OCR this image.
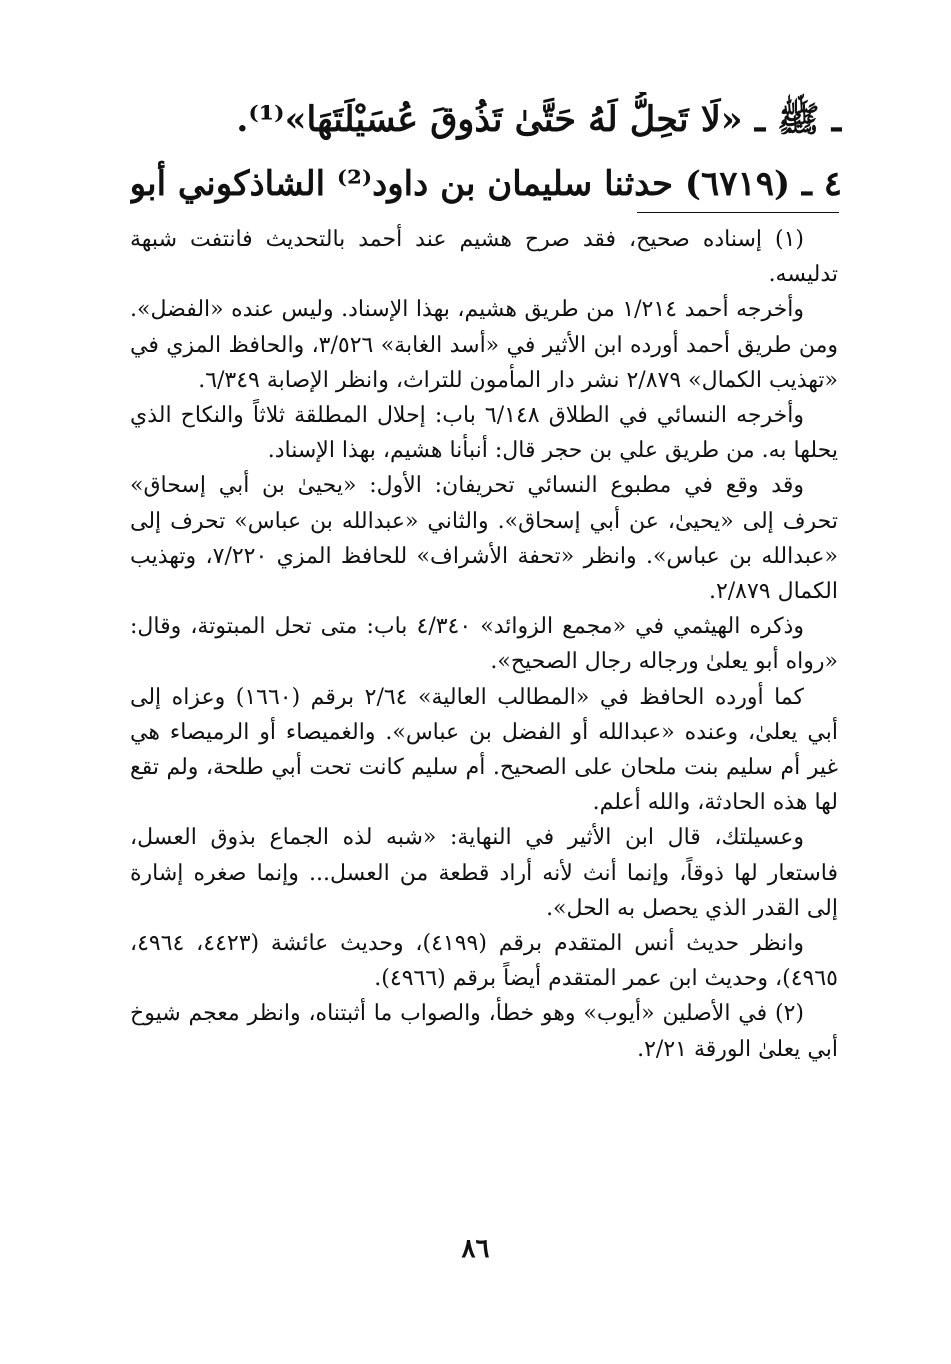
ـ ﷺ ـ «لَا تَحِلُّ لَهُ حَتَّىٰ تَذُوقَ عُسَيْلَتَهَا»⁽¹⁾.
٤ ـ (٦٧١٩) حدثنا سليمان بن داود⁽²⁾ الشاذكوني أبو

(١) إسناده صحيح، فقد صرح هشيم عند أحمد بالتحديث فانتفت شبهة تدليسه.

وأخرجه أحمد ١/٢١٤ من طريق هشيم، بهذا الإسناد. وليس عنده «الفضل». ومن طريق أحمد أورده ابن الأثير في «أسد الغابة» ٣/٥٢٦، والحافظ المزي في «تهذيب الكمال» ٢/٨٧٩ نشر دار المأمون للتراث، وانظر الإصابة ٦/٣٤٩.

وأخرجه النسائي في الطلاق ٦/١٤٨ باب: إحلال المطلقة ثلاثاً والنكاح الذي يحلها به. من طريق علي بن حجر قال: أنبأنا هشيم، بهذا الإسناد.

وقد وقع في مطبوع النسائي تحريفان: الأول: «يحيىٰ بن أبي إسحاق» تحرف إلى «يحيىٰ، عن أبي إسحاق». والثاني «عبدالله بن عباس» تحرف إلى «عبدالله بن عباس». وانظر «تحفة الأشراف» للحافظ المزي ٧/٢٢٠، وتهذيب الكمال ٢/٨٧٩.

وذكره الهيثمي في «مجمع الزوائد» ٤/٣٤٠ باب: متى تحل المبتوتة، وقال: «رواه أبو يعلىٰ ورجاله رجال الصحيح».

كما أورده الحافظ في «المطالب العالية» ٢/٦٤ برقم (١٦٦٠) وعزاه إلى أبي يعلىٰ، وعنده «عبدالله أو الفضل بن عباس». والغميصاء أو الرميصاء هي غير أم سليم بنت ملحان على الصحيح. أم سليم كانت تحت أبي طلحة، ولم تقع لها هذه الحادثة، والله أعلم.

وعسيلتك، قال ابن الأثير في النهاية: «شبه لذه الجماع بذوق العسل، فاستعار لها ذوقاً، وإنما أنث لأنه أراد قطعة من العسل... وإنما صغره إشارة إلى القدر الذي يحصل به الحل».

وانظر حديث أنس المتقدم برقم (٤١٩٩)، وحديث عائشة (٤٤٢٣، ٤٩٦٤، ٤٩٦٥)، وحديث ابن عمر المتقدم أيضاً برقم (٤٩٦٦).

(٢) في الأصلين «أيوب» وهو خطأ، والصواب ما أثبتناه، وانظر معجم شيوخ أبي يعلىٰ الورقة ٢/٢١.

٨٦
